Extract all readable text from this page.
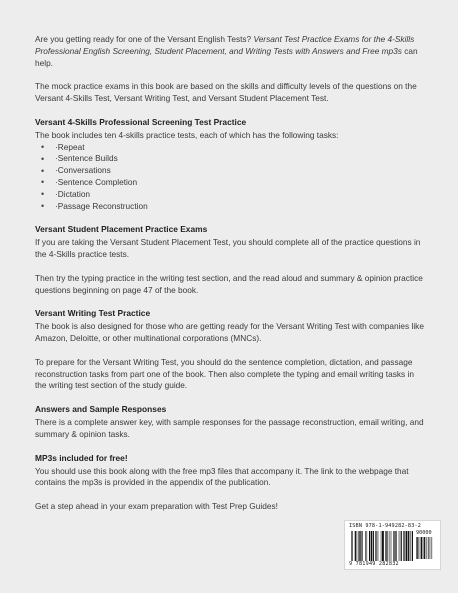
Are you getting ready for one of the Versant English Tests? Versant Test Practice Exams for the 4-Skills Professional English Screening, Student Placement, and Writing Tests with Answers and Free mp3s can help.

The mock practice exams in this book are based on the skills and difficulty levels of the questions on the Versant 4-Skills Test, Versant Writing Test, and Versant Student Placement Test.

Versant 4-Skills Professional Screening Test Practice

The book includes ten 4-skills practice tests, each of which has the following tasks:

• ·Repeat
• ·Sentence Builds
• ·Conversations
• ·Sentence Completion
• ·Dictation
• ·Passage Reconstruction
Versant Student Placement Practice Exams

If you are taking the Versant Student Placement Test, you should complete all of the practice questions in the 4-Skills practice tests.

Then try the typing practice in the writing test section, and the read aloud and summary & opinion practice questions beginning on page 47 of the book.

Versant Writing Test Practice

The book is also designed for those who are getting ready for the Versant Writing Test with companies like Amazon, Deloitte, or other multinational corporations (MNCs).

To prepare for the Versant Writing Test, you should do the sentence completion, dictation, and passage reconstruction tasks from part one of the book. Then also complete the typing and email writing tasks in the writing test section of the study guide.

Answers and Sample Responses

There is a complete answer key, with sample responses for the passage reconstruction, email writing, and summary & opinion tasks.

MP3s included for free!

You should use this book along with the free mp3 files that accompany it. The link to the webpage that contains the mp3s is provided in the appendix of the publication.

Get a step ahead in your exam preparation with Test Prep Guides!

ISBN 978-1-949282-83-2
90000
9 781949 282832
